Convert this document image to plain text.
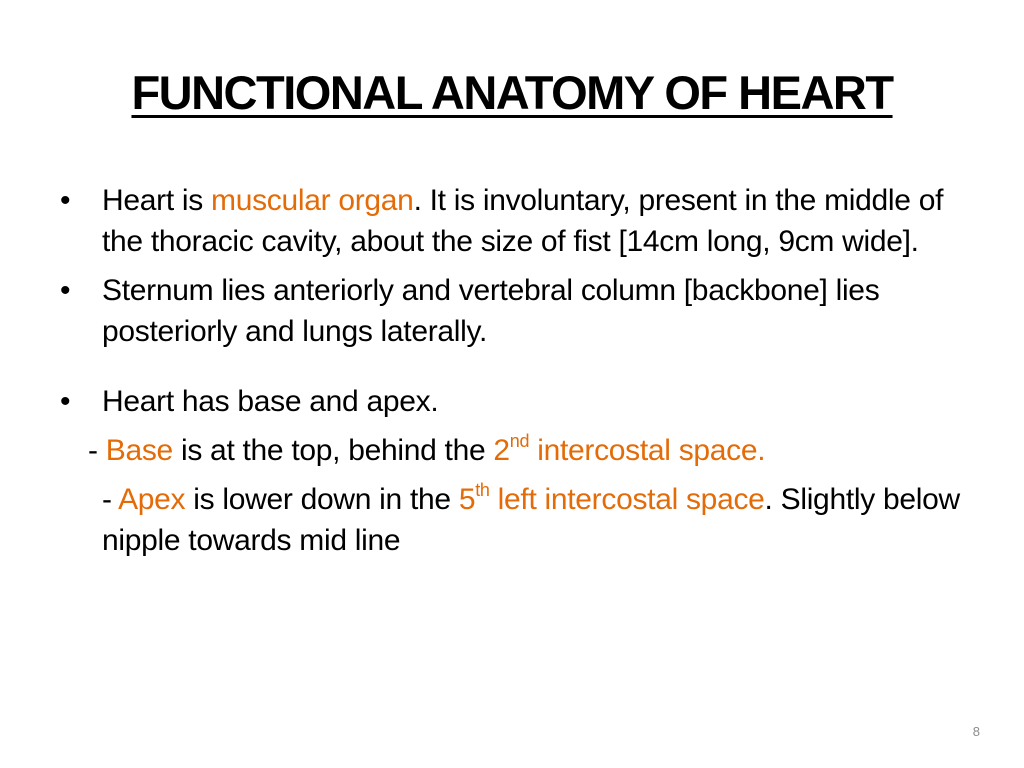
FUNCTIONAL ANATOMY OF HEART
• Heart is muscular organ. It is involuntary, present in the middle of the thoracic cavity, about the size of fist [14cm long, 9cm wide].
• Sternum lies anteriorly and vertebral column [backbone] lies posteriorly and lungs laterally.
• Heart has base and apex.
- Base is at the top, behind the 2nd intercostal space.
- Apex is lower down in the 5th left intercostal space. Slightly below nipple towards mid line
8
